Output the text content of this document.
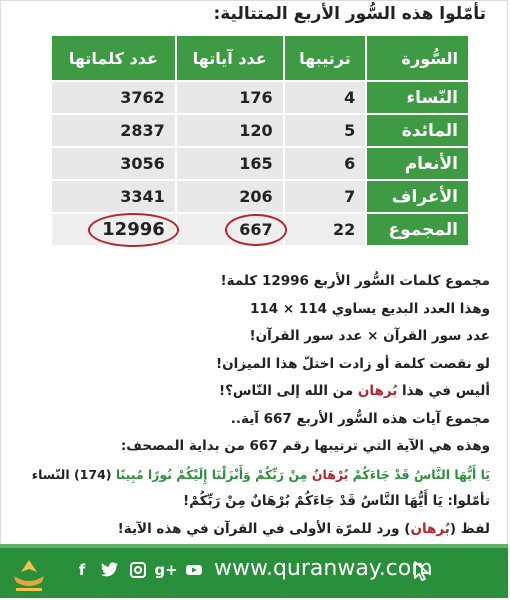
تأمّلوا هذه السُّور الأربع المتتالية:
السُّورة	ترتيبها	عدد آياتها	عدد كلماتها
النّساء	4	176	3762
المائدة	5	120	2837
الأنعام	6	165	3056
الأعراف	7	206	3341
المجموع	22	667	12996
مجموع كلمات السُّور الأربع 12996 كلمة!
وهذا العدد البديع يساوي 114 × 114
عدد سور القرآن × عدد سور القرآن!
لو نقصت كلمة أو زادت اختلّ هذا الميزان!
أليس في هذا بُرهان من الله إلى النّاس؟!
مجموع آيات هذه السُّور الأربع 667 آية..
وهذه هي الآية التي ترتيبها رقم 667 من بداية المصحف:
يَا أَيُّهَا النَّاسُ قَدْ جَاءَكُمْ بُرْهَانٌ مِنْ رَبِّكُمْ وَأَنْزَلْنَا إِلَيْكُمْ نُورًا مُبِينًا (174) النّساء
تأمّلوا: يَا أَيُّهَا النَّاسُ قَدْ جَاءَكُمْ بُرْهَانٌ مِنْ رَبِّكُمْ!
لفظ (بُرهان) ورد للمرّة الأولى في القرآن في هذه الآية!
f	g+ www.quranway.com
